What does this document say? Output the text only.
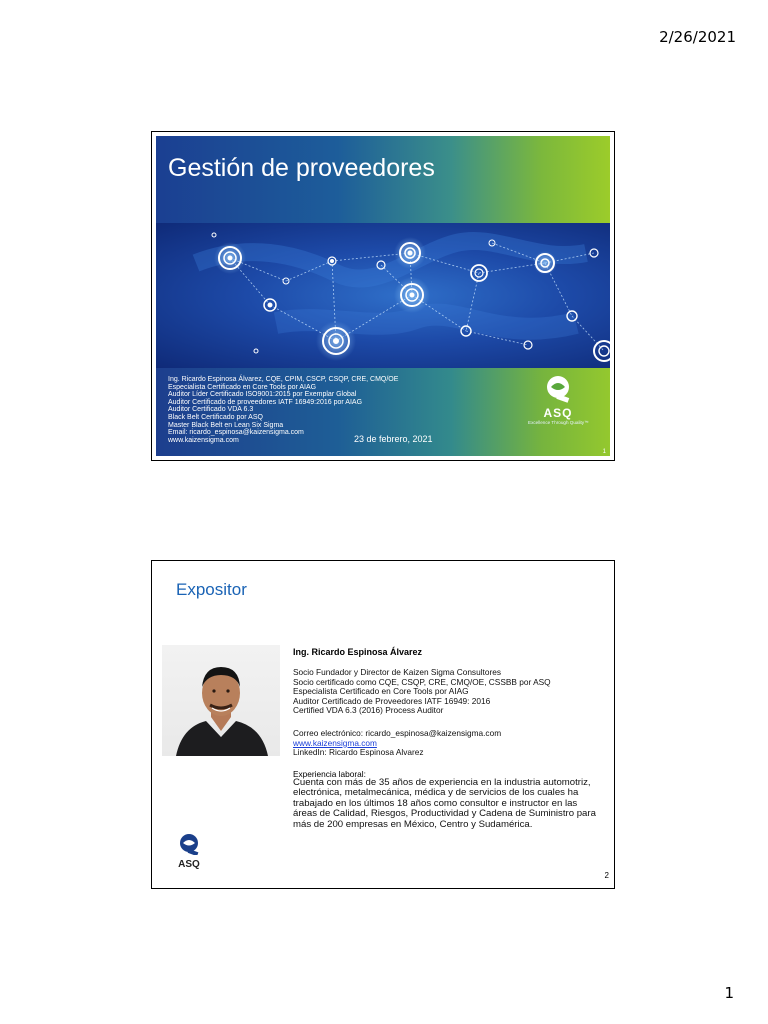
2/26/2021
Gestión de proveedores
Ing. Ricardo Espinosa Álvarez, CQE, CPIM, CSCP, CSQP, CRE, CMQ/OE
Especialista Certificado en Core Tools por AIAG
Auditor Líder Certificado ISO9001:2015 por Exemplar Global
Auditor Certificado de proveedores IATF 16949:2016 por AIAG
Auditor Certificado VDA 6.3
Black Belt Certificado por ASQ
Master Black Belt en Lean Six Sigma
Email: ricardo_espinosa@kaizensigma.com
www.kaizensigma.com	23 de febrero, 2021
ASQ
Excellence Through Quality™
1
Expositor
Ing. Ricardo Espinosa Álvarez
Socio Fundador y Director de Kaizen Sigma Consultores
Socio certificado como CQE, CSQP, CRE, CMQ/OE, CSSBB por ASQ
Especialista Certificado en Core Tools por AIAG
Auditor Certificado de Proveedores IATF 16949: 2016
Certified VDA 6.3 (2016) Process Auditor
Correo electrónico: ricardo_espinosa@kaizensigma.com
www.kaizensigma.com
LinkedIn: Ricardo Espinosa Alvarez
Experiencia laboral:
Cuenta con más de 35 años de experiencia en la industria automotriz, electrónica, metalmecánica, médica y de servicios de los cuales ha trabajado en los últimos 18 años como consultor e instructor en las áreas de Calidad, Riesgos, Productividad y Cadena de Suministro para más de 200 empresas en México, Centro y Sudamérica.
ASQ
2
1
